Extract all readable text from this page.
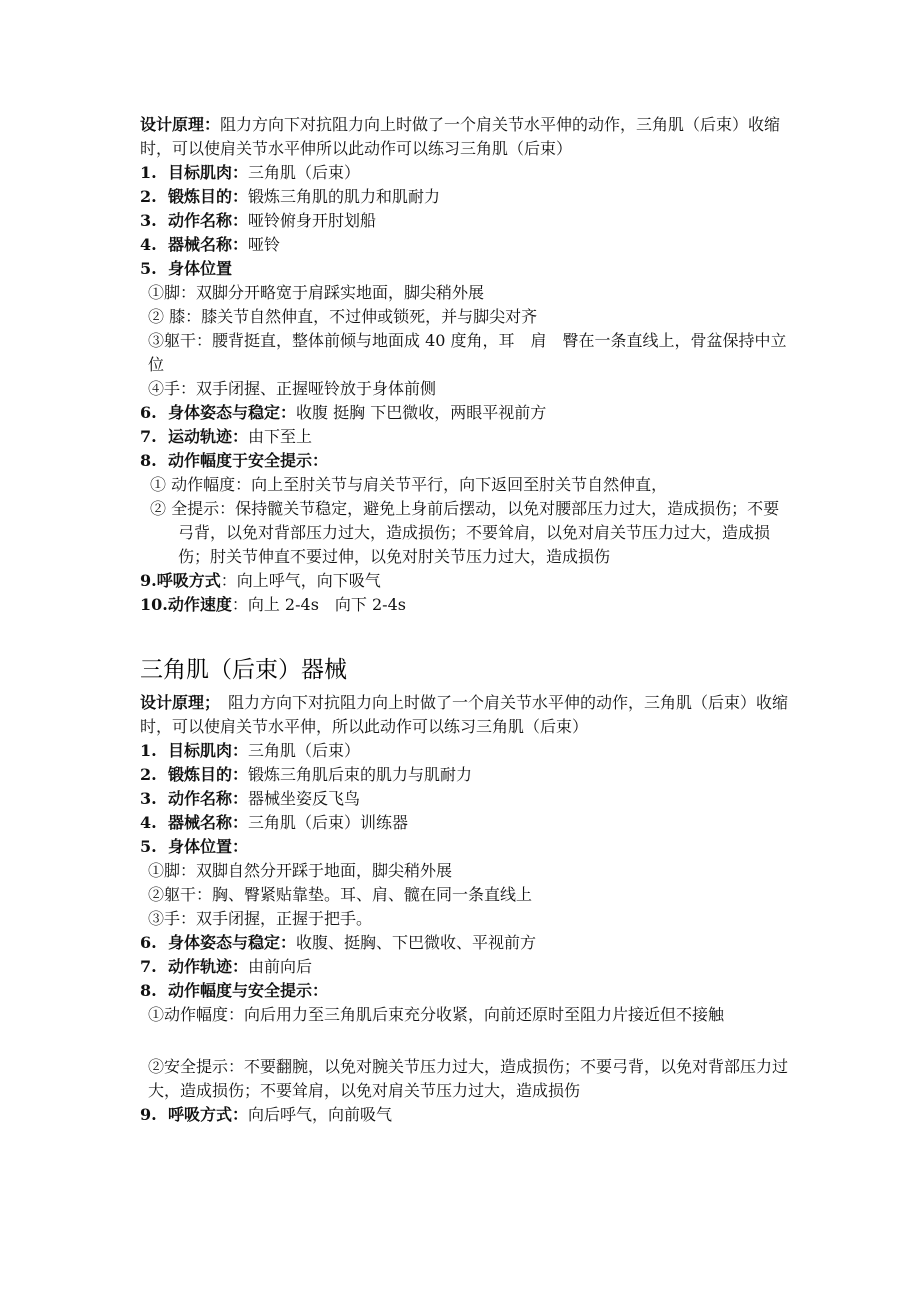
设计原理：阻力方向下对抗阻力向上时做了一个肩关节水平伸的动作，三角肌（后束）收缩时，可以使肩关节水平伸所以此动作可以练习三角肌（后束）

1. 目标肌肉：三角肌（后束）

2. 锻炼目的：锻炼三角肌的肌力和肌耐力

3. 动作名称：哑铃俯身开肘划船

4. 器械名称：哑铃

5. 身体位置

①脚：双脚分开略宽于肩踩实地面，脚尖稍外展

② 膝：膝关节自然伸直，不过伸或锁死，并与脚尖对齐

③躯干：腰背挺直，整体前倾与地面成 40 度角，耳　肩　臀在一条直线上，骨盆保持中立位

④手：双手闭握、正握哑铃放于身体前侧

6. 身体姿态与稳定：收腹 挺胸 下巴微收，两眼平视前方

7. 运动轨迹：由下至上

8. 动作幅度于安全提示：

① 动作幅度：向上至肘关节与肩关节平行，向下返回至肘关节自然伸直，

② 全提示：保持髋关节稳定，避免上身前后摆动，以免对腰部压力过大，造成损伤；不要弓背，以免对背部压力过大，造成损伤；不要耸肩，以免对肩关节压力过大，造成损伤；肘关节伸直不要过伸，以免对肘关节压力过大，造成损伤

9.呼吸方式：向上呼气，向下吸气

10.动作速度：向上 2-4s　向下 2-4s

三角肌（后束）器械

设计原理；　阻力方向下对抗阻力向上时做了一个肩关节水平伸的动作，三角肌（后束）收缩时，可以使肩关节水平伸，所以此动作可以练习三角肌（后束）

1. 目标肌肉：三角肌（后束）

2. 锻炼目的：锻炼三角肌后束的肌力与肌耐力

3. 动作名称：器械坐姿反飞鸟

4. 器械名称：三角肌（后束）训练器

5. 身体位置：

①脚：双脚自然分开踩于地面，脚尖稍外展

②躯干：胸、臀紧贴靠垫。耳、肩、髋在同一条直线上

③手：双手闭握，正握于把手。

6. 身体姿态与稳定：收腹、挺胸、下巴微收、平视前方

7. 动作轨迹：由前向后

8. 动作幅度与安全提示：

①动作幅度：向后用力至三角肌后束充分收紧，向前还原时至阻力片接近但不接触

②安全提示：不要翻腕，以免对腕关节压力过大，造成损伤；不要弓背，以免对背部压力过大，造成损伤；不要耸肩，以免对肩关节压力过大，造成损伤

9. 呼吸方式：向后呼气，向前吸气
